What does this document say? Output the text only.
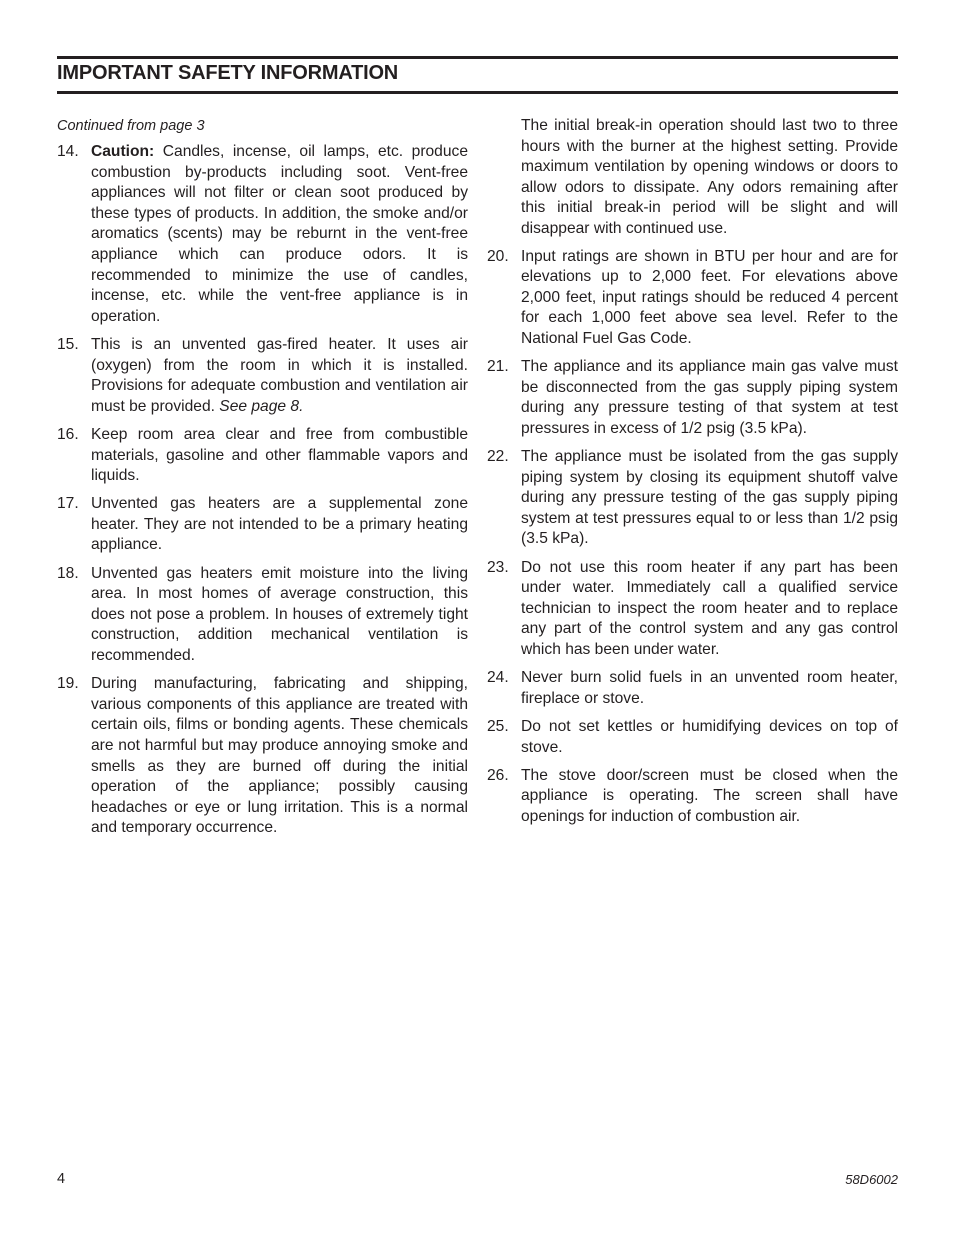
IMPORTANT SAFETY INFORMATION

Continued from page 3

14. Caution: Candles, incense, oil lamps, etc. produce combustion by-products including soot. Vent-free appliances will not filter or clean soot produced by these types of products. In addition, the smoke and/or aromatics (scents) may be reburnt in the vent-free appliance which can produce odors. It is recommended to minimize the use of candles, incense, etc. while the vent-free appliance is in operation.
15. This is an unvented gas-fired heater. It uses air (oxygen) from the room in which it is installed. Provisions for adequate combustion and ventilation air must be provided. See page 8.
16. Keep room area clear and free from combustible materials, gasoline and other flammable vapors and liquids.
17. Unvented gas heaters are a supplemental zone heater. They are not intended to be a primary heating appliance.
18. Unvented gas heaters emit moisture into the living area. In most homes of average construction, this does not pose a problem. In houses of extremely tight construction, addition mechanical ventilation is recommended.
19. During manufacturing, fabricating and shipping, various components of this appliance are treated with certain oils, films or bonding agents. These chemicals are not harmful but may produce annoying smoke and smells as they are burned off during the initial operation of the appliance; possibly causing headaches or eye or lung irritation. This is a normal and temporary occurrence.

The initial break-in operation should last two to three hours with the burner at the highest setting. Provide maximum ventilation by opening windows or doors to allow odors to dissipate. Any odors remaining after this initial break-in period will be slight and will disappear with continued use.

20. Input ratings are shown in BTU per hour and are for elevations up to 2,000 feet. For elevations above 2,000 feet, input ratings should be reduced 4 percent for each 1,000 feet above sea level. Refer to the National Fuel Gas Code.
21. The appliance and its appliance main gas valve must be disconnected from the gas supply piping system during any pressure testing of that system at test pressures in excess of 1/2 psig (3.5 kPa).
22. The appliance must be isolated from the gas supply piping system by closing its equipment shutoff valve during any pressure testing of the gas supply piping system at test pressures equal to or less than 1/2 psig (3.5 kPa).
23. Do not use this room heater if any part has been under water. Immediately call a qualified service technician to inspect the room heater and to replace any part of the control system and any gas control which has been under water.
24. Never burn solid fuels in an unvented room heater, fireplace or stove.
25. Do not set kettles or humidifying devices on top of stove.
26. The stove door/screen must be closed when the appliance is operating. The screen shall have openings for induction of combustion air.
4	58D6002
